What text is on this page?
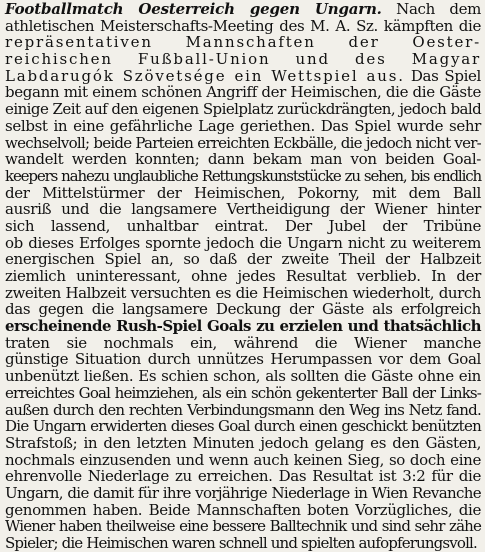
Footballmatch Oesterreich gegen Ungarn. Nach dem
athletischen Meisterschafts-Meeting des M. A. Sz. kämpften die
repräsentativen Mannschaften der Oester-
reichischen Fußball-Union und des Magyar
Labdarugók Szövetsége ein Wettspiel aus. Das Spiel
begann mit einem schönen Angriff der Heimischen, die die Gäste
einige Zeit auf den eigenen Spielplatz zurückdrängten, jedoch bald
selbst in eine gefährliche Lage geriethen. Das Spiel wurde sehr
wechselvoll; beide Parteien erreichten Eckbälle, die jedoch nicht ver-
wandelt werden konnten; dann bekam man von beiden Goal-
keepers nahezu unglaubliche Rettungskunststücke zu sehen, bis endlich
der Mittelstürmer der Heimischen, Pokorny, mit dem Ball
ausriß und die langsamere Vertheidigung der Wiener hinter
sich lassend, unhaltbar eintrat. Der Jubel der Tribüne
ob dieses Erfolges spornte jedoch die Ungarn nicht zu weiterem
energischen Spiel an, so daß der zweite Theil der Halbzeit
ziemlich uninteressant, ohne jedes Resultat verblieb. In der
zweiten Halbzeit versuchten es die Heimischen wiederholt, durch
das gegen die langsamere Deckung der Gäste als erfolgreich
erscheinende Rush-Spiel Goals zu erzielen und thatsächlich
traten sie nochmals ein, während die Wiener manche
günstige Situation durch unnützes Herumpassen vor dem Goal
unbenützt ließen. Es schien schon, als sollten die Gäste ohne ein
erreichtes Goal heimziehen, als ein schön gekenterter Ball der Links-
außen durch den rechten Verbindungsmann den Weg ins Netz fand.
Die Ungarn erwiderten dieses Goal durch einen geschickt benützten
Strafstoß; in den letzten Minuten jedoch gelang es den Gästen,
nochmals einzusenden und wenn auch keinen Sieg, so doch eine
ehrenvolle Niederlage zu erreichen. Das Resultat ist 3:2 für die
Ungarn, die damit für ihre vorjährige Niederlage in Wien Revanche
genommen haben. Beide Mannschaften boten Vorzügliches, die
Wiener haben theilweise eine bessere Balltechnik und sind sehr zähe
Spieler; die Heimischen waren schnell und spielten aufopferungsvoll.
